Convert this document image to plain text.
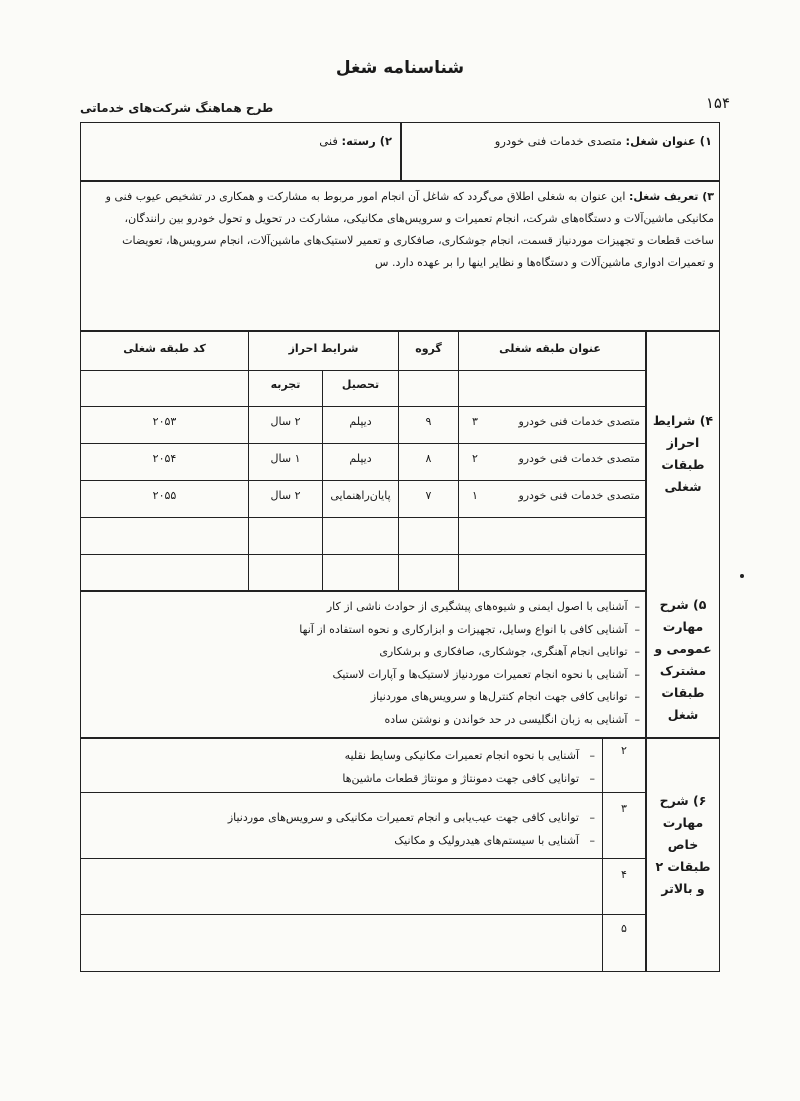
شناسنامه شغل
۱۵۴
طرح هماهنگ شرکت‌های خدماتی
۱) عنوان شغل: متصدی خدمات فنی خودرو
۲) رسته: فنی
۳) تعریف شغل: این عنوان به شغلی اطلاق می‌گردد که شاغل آن انجام امور مربوط به مشارکت و همکاری در تشخیص عیوب فنی و
مکانیکی ماشین‌آلات و دستگاه‌های شرکت، انجام تعمیرات و سرویس‌های مکانیکی، مشارکت در تحویل و تحول خودرو بین رانندگان،
ساخت قطعات و تجهیزات موردنیاز قسمت، انجام جوشکاری، صافکاری و تعمیر لاستیک‌های ماشین‌آلات، انجام سرویس‌ها، تعویضات
و تعمیرات ادواری ماشین‌آلات و دستگاه‌ها و نظایر اینها را بر عهده دارد. س
۴) شرایط
احراز
طبقات
شغلی
عنوان طبقه شغلی
گروه
شرایط احراز
تحصیل
تجربه
کد طبقه شغلی
متصدی خدمات فنی خودرو
۳
۹
دیپلم
۲ سال
۲۰۵۳
متصدی خدمات فنی خودرو
۲
۸
دیپلم
۱ سال
۲۰۵۴
متصدی خدمات فنی خودرو
۱
۷
پایان‌راهنمایی
۲ سال
۲۰۵۵
۵) شرح
مهارت
عمومی و
مشترک
طبقات
شغل
–  آشنایی با اصول ایمنی و شیوه‌های پیشگیری از حوادث ناشی از کار
–  آشنایی کافی با انواع وسایل، تجهیزات و ابزارکاری و نحوه استفاده از آنها
–  توانایی انجام آهنگری، جوشکاری، صافکاری و برشکاری
–  آشنایی با نحوه انجام تعمیرات موردنیاز لاستیک‌ها و آپارات لاستیک
–  توانایی کافی جهت انجام کنترل‌ها و سرویس‌های موردنیاز
–  آشنایی به زبان انگلیسی در حد خواندن و نوشتن ساده
۶) شرح
مهارت
خاص
طبقات ۲
و بالاتر
۲
–   آشنایی با نحوه انجام تعمیرات مکانیکی وسایط نقلیه
–   توانایی کافی جهت دمونتاژ و مونتاژ قطعات ماشین‌ها
۳
–   توانایی کافی جهت عیب‌یابی و انجام تعمیرات مکانیکی و سرویس‌های موردنیاز
–   آشنایی با سیستم‌های هیدرولیک و مکانیک
۴
۵
